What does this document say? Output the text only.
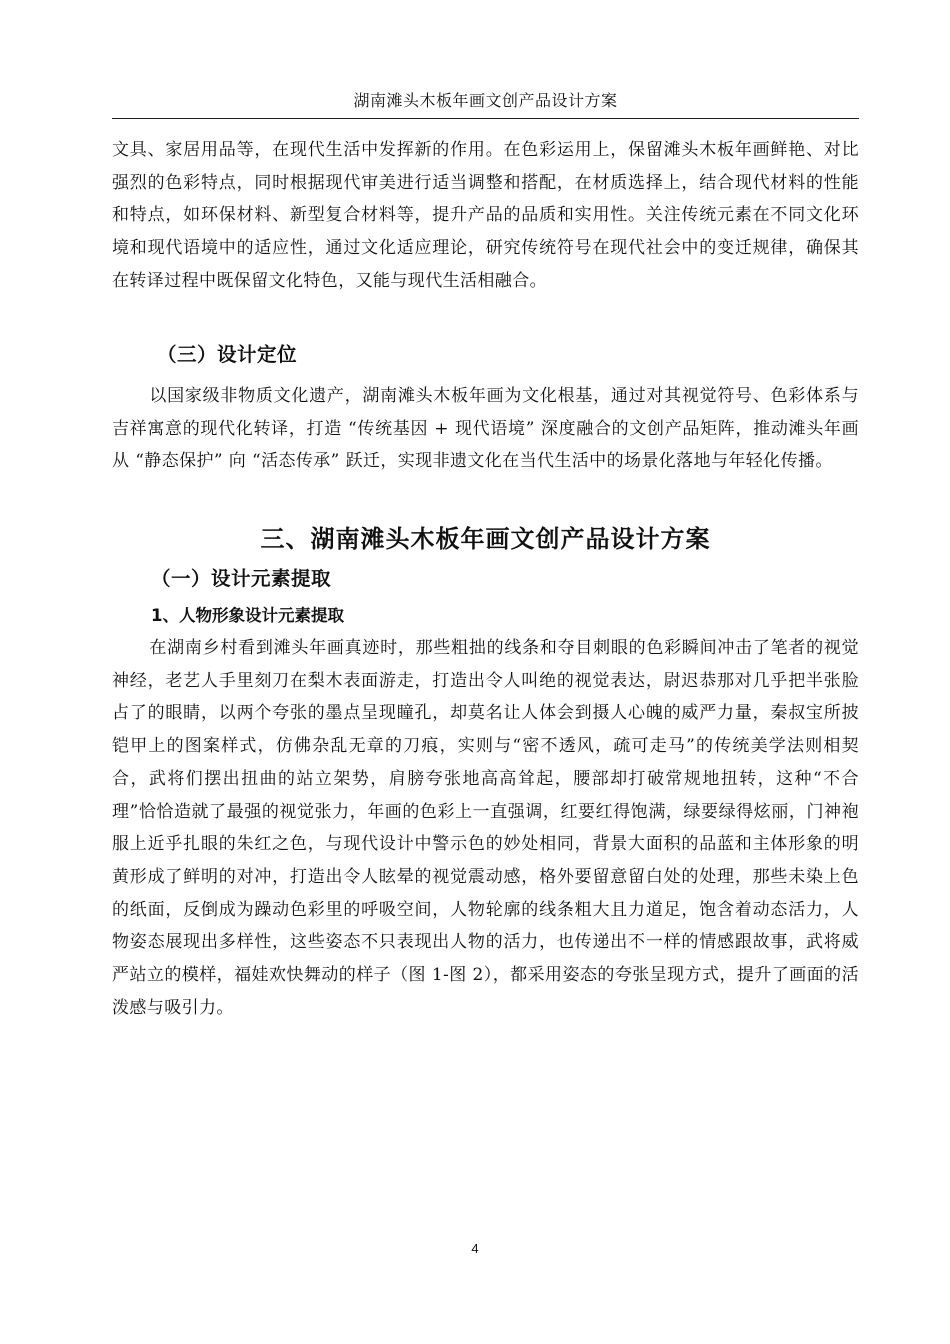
湖南滩头木板年画文创产品设计方案

文具、家居用品等，在现代生活中发挥新的作用。在色彩运用上，保留滩头木板年画鲜艳、对比强烈的色彩特点，同时根据现代审美进行适当调整和搭配，在材质选择上，结合现代材料的性能和特点，如环保材料、新型复合材料等，提升产品的品质和实用性。关注传统元素在不同文化环境和现代语境中的适应性，通过文化适应理论，研究传统符号在现代社会中的变迁规律，确保其在转译过程中既保留文化特色，又能与现代生活相融合。

（三）设计定位

以国家级非物质文化遗产，湖南滩头木板年画为文化根基，通过对其视觉符号、色彩体系与吉祥寓意的现代化转译，打造 “传统基因 + 现代语境” 深度融合的文创产品矩阵，推动滩头年画从 “静态保护” 向 “活态传承” 跃迁，实现非遗文化在当代生活中的场景化落地与年轻化传播。

三、湖南滩头木板年画文创产品设计方案
（一）设计元素提取
1、人物形象设计元素提取

在湖南乡村看到滩头年画真迹时，那些粗拙的线条和夺目刺眼的色彩瞬间冲击了笔者的视觉神经，老艺人手里刻刀在梨木表面游走，打造出令人叫绝的视觉表达，尉迟恭那对几乎把半张脸占了的眼睛，以两个夸张的墨点呈现瞳孔，却莫名让人体会到摄人心魄的威严力量，秦叔宝所披铠甲上的图案样式，仿佛杂乱无章的刀痕，实则与“密不透风，疏可走马”的传统美学法则相契合，武将们摆出扭曲的站立架势，肩膀夸张地高高耸起，腰部却打破常规地扭转，这种“不合理”恰恰造就了最强的视觉张力，年画的色彩上一直强调，红要红得饱满，绿要绿得炫丽，门神袍服上近乎扎眼的朱红之色，与现代设计中警示色的妙处相同，背景大面积的品蓝和主体形象的明黄形成了鲜明的对冲，打造出令人眩晕的视觉震动感，格外要留意留白处的处理，那些未染上色的纸面，反倒成为躁动色彩里的呼吸空间，人物轮廓的线条粗大且力道足，饱含着动态活力，人物姿态展现出多样性，这些姿态不只表现出人物的活力，也传递出不一样的情感跟故事，武将威严站立的模样，福娃欢快舞动的样子（图 1-图 2），都采用姿态的夸张呈现方式，提升了画面的活泼感与吸引力。

4
